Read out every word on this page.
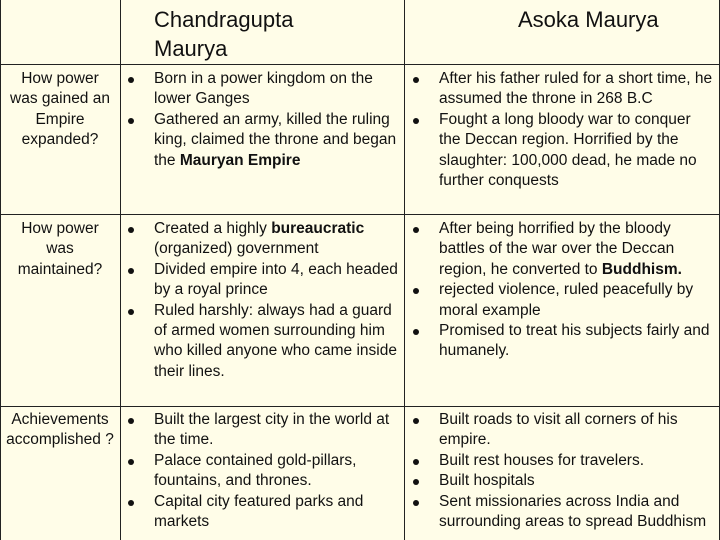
Chandragupta Maurya
Asoka Maurya
How power was gained an Empire expanded?
Born in a power kingdom on the lower Ganges
Gathered an army, killed the ruling king, claimed the throne and began the Mauryan Empire
After his father ruled for a short time, he assumed the throne in 268 B.C
Fought a long bloody war to conquer the Deccan region. Horrified by the slaughter: 100,000 dead, he made no further conquests
How power was maintained?
Created a highly bureaucratic (organized) government
Divided empire into 4, each headed by a royal prince
Ruled harshly: always had a guard of armed women surrounding him who killed anyone who came inside their lines.
After being horrified by the bloody battles of the war over the Deccan region, he converted to Buddhism.
rejected violence, ruled peacefully by moral example
Promised to treat his subjects fairly and humanely.
Achievements accomplished ?
Built the largest city in the world at the time.
Palace contained gold-pillars, fountains, and thrones.
Capital city featured parks and markets
Built roads to visit all corners of his empire.
Built rest houses for travelers.
Built hospitals
Sent missionaries across India and surrounding areas to spread Buddhism
